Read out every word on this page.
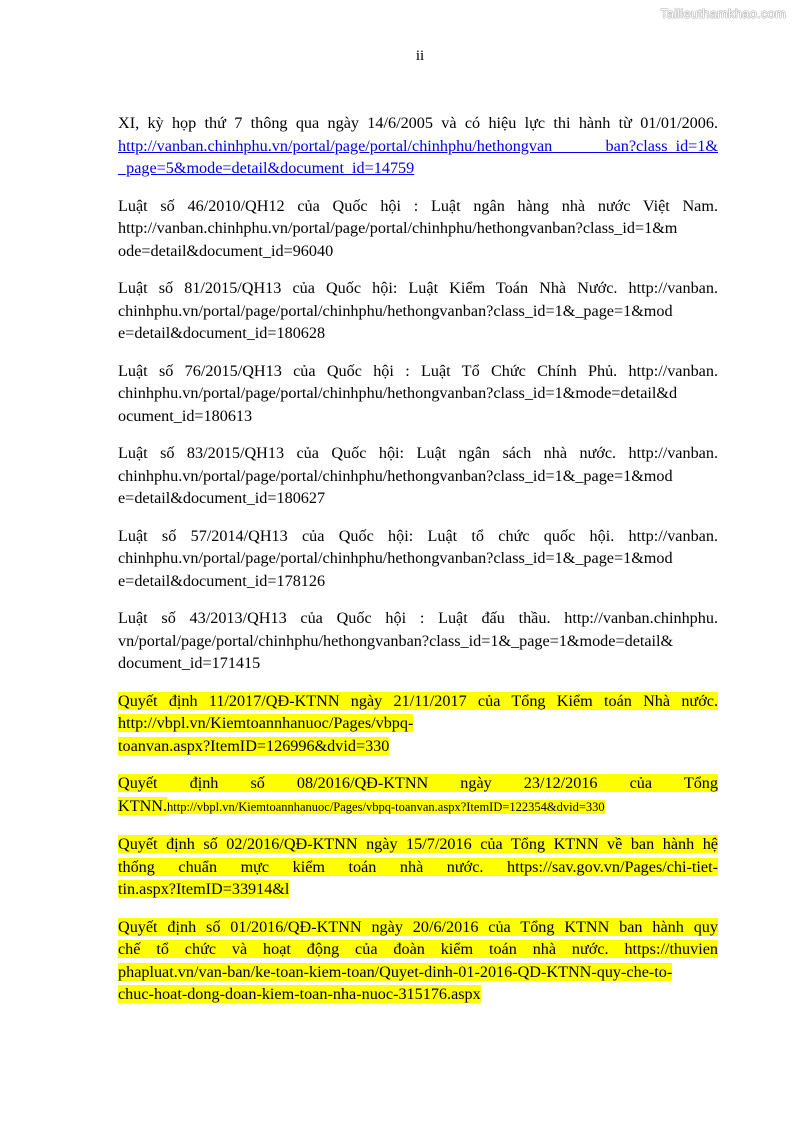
Tailieuthamkhao.com
ii
XI, kỳ họp thứ 7 thông qua ngày 14/6/2005 và có hiệu lực thi hành từ 01/01/2006.
http://vanban.chinhphu.vn/portal/page/portal/chinhphu/hethongvan ban?class_id=1&
_page=5&mode=detail&document_id=14759
Luật số 46/2010/QH12 của Quốc hội : Luật ngân hàng nhà nước Việt Nam.
http://vanban.chinhphu.vn/portal/page/portal/chinhphu/hethongvanban?class_id=1&m
ode=detail&document_id=96040
Luật số 81/2015/QH13 của Quốc hội: Luật Kiểm Toán Nhà Nước. http://vanban.
chinhphu.vn/portal/page/portal/chinhphu/hethongvanban?class_id=1&_page=1&mod
e=detail&document_id=180628
Luật số 76/2015/QH13 của Quốc hội : Luật Tổ Chức Chính Phủ. http://vanban.
chinhphu.vn/portal/page/portal/chinhphu/hethongvanban?class_id=1&mode=detail&d
ocument_id=180613
Luật số 83/2015/QH13 của Quốc hội: Luật ngân sách nhà nước. http://vanban.
chinhphu.vn/portal/page/portal/chinhphu/hethongvanban?class_id=1&_page=1&mod
e=detail&document_id=180627
Luật số 57/2014/QH13 của Quốc hội: Luật tổ chức quốc hội. http://vanban.
chinhphu.vn/portal/page/portal/chinhphu/hethongvanban?class_id=1&_page=1&mod
e=detail&document_id=178126
Luật số 43/2013/QH13 của Quốc hội : Luật đấu thầu. http://vanban.chinhphu.
vn/portal/page/portal/chinhphu/hethongvanban?class_id=1&_page=1&mode=detail&
document_id=171415
Quyết định 11/2017/QĐ-KTNN ngày 21/11/2017 của Tổng Kiểm toán Nhà nước.
http://vbpl.vn/Kiemtoannhanuoc/Pages/vbpq-
toanvan.aspx?ItemID=126996&dvid=330
Quyết định số 08/2016/QĐ-KTNN ngày 23/12/2016 của Tổng
KTNN.http://vbpl.vn/Kiemtoannhanuoc/Pages/vbpq-toanvan.aspx?ItemID=122354&dvid=330
Quyết định số 02/2016/QĐ-KTNN ngày 15/7/2016 của Tổng KTNN về ban hành hệ
thống chuẩn mực kiểm toán nhà nước. https://sav.gov.vn/Pages/chi-tiet-
tin.aspx?ItemID=33914&l
Quyết định số 01/2016/QĐ-KTNN ngày 20/6/2016 của Tổng KTNN ban hành quy
chế tổ chức và hoạt động của đoàn kiểm toán nhà nước. https://thuvien
phapluat.vn/van-ban/ke-toan-kiem-toan/Quyet-dinh-01-2016-QD-KTNN-quy-che-to-
chuc-hoat-dong-doan-kiem-toan-nha-nuoc-315176.aspx
